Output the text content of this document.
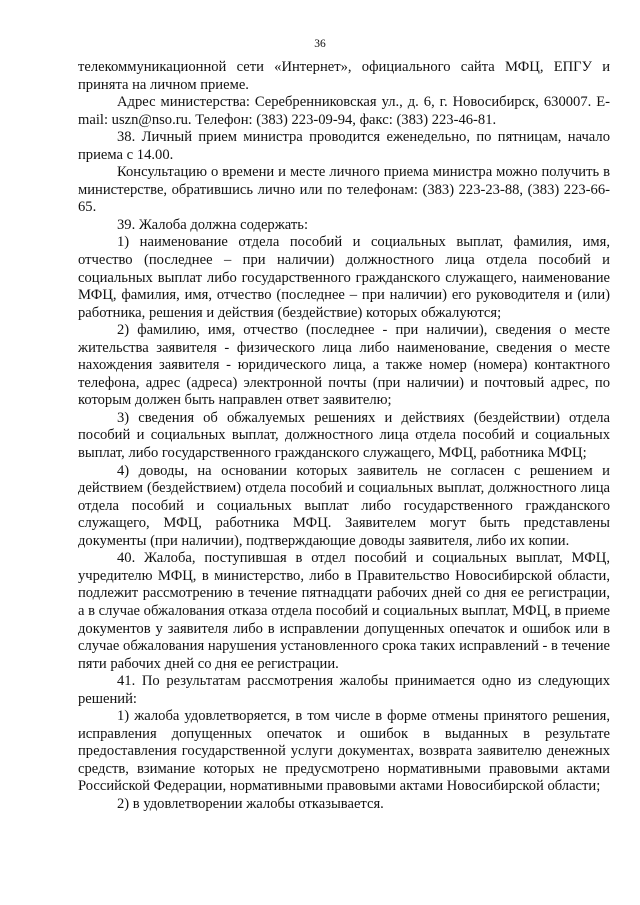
36

телекоммуникационной сети «Интернет», официального сайта МФЦ, ЕПГУ и принята на личном приеме.

Адрес министерства: Серебренниковская ул., д. 6, г. Новосибирск, 630007. E-mail: uszn@nso.ru. Телефон: (383) 223-09-94, факс: (383) 223-46-81.

38. Личный прием министра проводится еженедельно, по пятницам, начало приема с 14.00.

Консультацию о времени и месте личного приема министра можно получить в министерстве, обратившись лично или по телефонам: (383) 223-23-88, (383) 223-66-65.

39. Жалоба должна содержать:

1) наименование отдела пособий и социальных выплат, фамилия, имя, отчество (последнее – при наличии) должностного лица отдела пособий и социальных выплат либо государственного гражданского служащего, наименование МФЦ, фамилия, имя, отчество (последнее – при наличии) его руководителя и (или) работника, решения и действия (бездействие) которых обжалуются;

2) фамилию, имя, отчество (последнее - при наличии), сведения о месте жительства заявителя - физического лица либо наименование, сведения о месте нахождения заявителя - юридического лица, а также номер (номера) контактного телефона, адрес (адреса) электронной почты (при наличии) и почтовый адрес, по которым должен быть направлен ответ заявителю;

3) сведения об обжалуемых решениях и действиях (бездействии) отдела пособий и социальных выплат, должностного лица отдела пособий и социальных выплат, либо государственного гражданского служащего, МФЦ, работника МФЦ;

4) доводы, на основании которых заявитель не согласен с решением и действием (бездействием) отдела пособий и социальных выплат, должностного лица отдела пособий и социальных выплат либо государственного гражданского служащего, МФЦ, работника МФЦ. Заявителем могут быть представлены документы (при наличии), подтверждающие доводы заявителя, либо их копии.

40. Жалоба, поступившая в отдел пособий и социальных выплат, МФЦ, учредителю МФЦ, в министерство, либо в Правительство Новосибирской области, подлежит рассмотрению в течение пятнадцати рабочих дней со дня ее регистрации, а в случае обжалования отказа отдела пособий и социальных выплат, МФЦ, в приеме документов у заявителя либо в исправлении допущенных опечаток и ошибок или в случае обжалования нарушения установленного срока таких исправлений - в течение пяти рабочих дней со дня ее регистрации.

41. По результатам рассмотрения жалобы принимается одно из следующих решений:

1) жалоба удовлетворяется, в том числе в форме отмены принятого решения, исправления допущенных опечаток и ошибок в выданных в результате предоставления государственной услуги документах, возврата заявителю денежных средств, взимание которых не предусмотрено нормативными правовыми актами Российской Федерации, нормативными правовыми актами Новосибирской области;

2) в удовлетворении жалобы отказывается.
